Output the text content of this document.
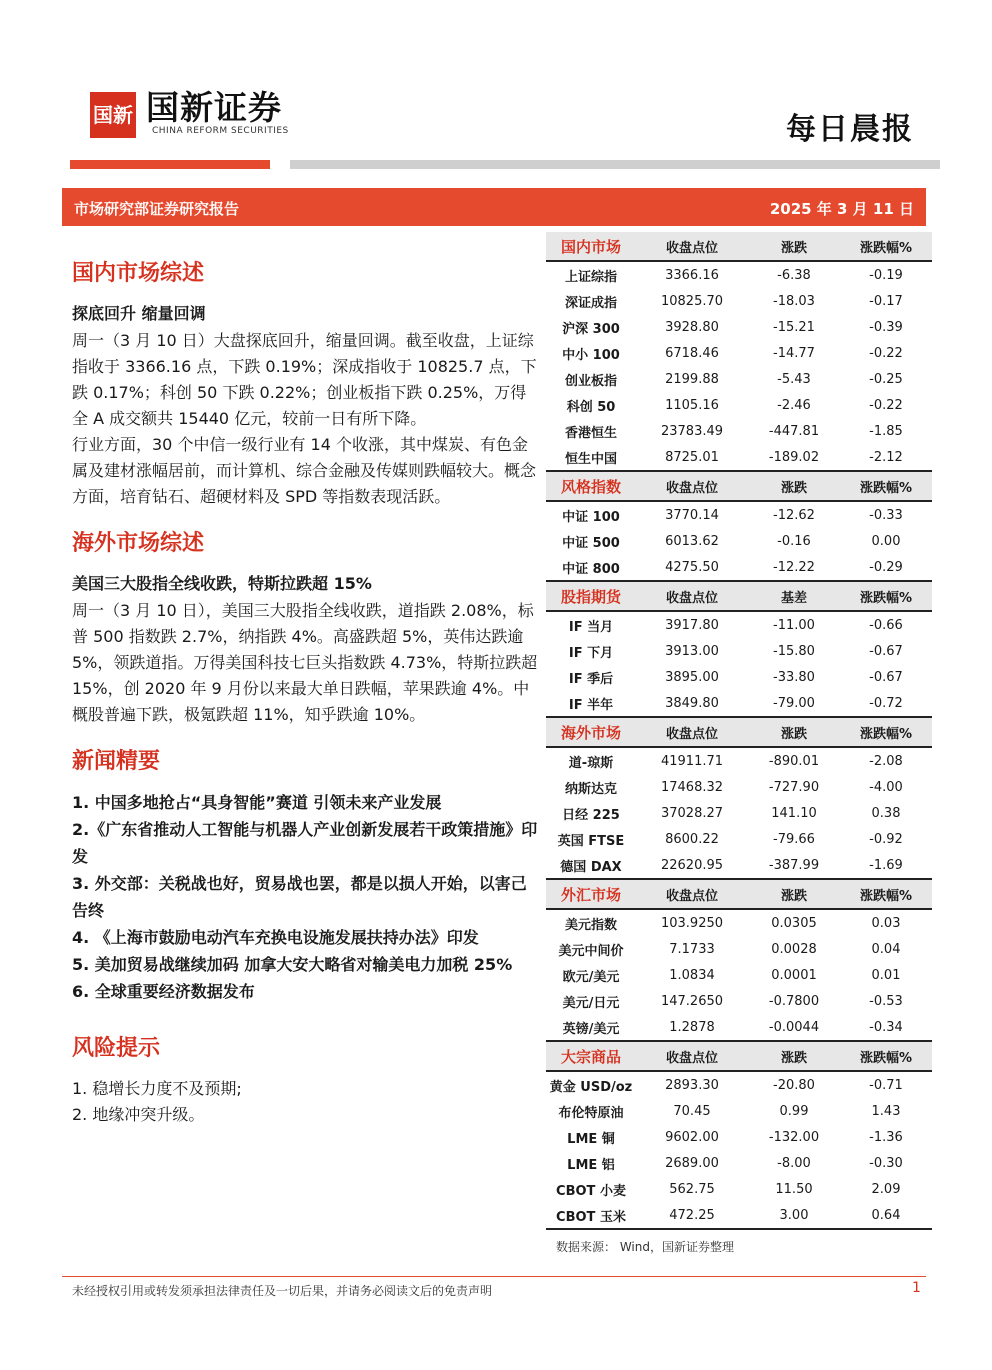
国新 国新证券
CHINA REFORM SECURITIES	每日晨报
市场研究部证券研究报告	2025 年 3 月 11 日
国内市场综述

探底回升 缩量回调

周一（3 月 10 日）大盘探底回升，缩量回调。截至收盘，上证综指收于 3366.16 点，下跌 0.19%；深成指收于 10825.7 点，下跌 0.17%；科创 50 下跌 0.22%；创业板指下跌 0.25%，万得全 A 成交额共 15440 亿元，较前一日有所下降。

行业方面，30 个中信一级行业有 14 个收涨，其中煤炭、有色金属及建材涨幅居前，而计算机、综合金融及传媒则跌幅较大。概念方面，培育钻石、超硬材料及 SPD 等指数表现活跃。

海外市场综述

美国三大股指全线收跌，特斯拉跌超 15%

周一（3 月 10 日），美国三大股指全线收跌，道指跌 2.08%，标普 500 指数跌 2.7%，纳指跌 4%。高盛跌超 5%，英伟达跌逾 5%，领跌道指。万得美国科技七巨头指数跌 4.73%，特斯拉跌超 15%，创 2020 年 9 月份以来最大单日跌幅，苹果跌逾 4%。中概股普遍下跌，极氪跌超 11%，知乎跌逾 10%。

新闻精要

1. 中国多地抢占“具身智能”赛道 引领未来产业发展

2.《广东省推动人工智能与机器人产业创新发展若干政策措施》印发

3. 外交部：关税战也好，贸易战也罢，都是以损人开始，以害己告终

4. 《上海市鼓励电动汽车充换电设施发展扶持办法》印发

5. 美加贸易战继续加码 加拿大安大略省对输美电力加税 25%

6. 全球重要经济数据发布

风险提示

1. 稳增长力度不及预期;

2. 地缘冲突升级。

国内市场	收盘点位	涨跌	涨跌幅%
上证综指	3366.16	-6.38	-0.19
深证成指	10825.70	-18.03	-0.17
沪深 300	3928.80	-15.21	-0.39
中小 100	6718.46	-14.77	-0.22
创业板指	2199.88	-5.43	-0.25
科创 50	1105.16	-2.46	-0.22
香港恒生	23783.49	-447.81	-1.85
恒生中国	8725.01	-189.02	-2.12
风格指数	收盘点位	涨跌	涨跌幅%
中证 100	3770.14	-12.62	-0.33
中证 500	6013.62	-0.16	0.00
中证 800	4275.50	-12.22	-0.29
股指期货	收盘点位	基差	涨跌幅%
IF 当月	3917.80	-11.00	-0.66
IF 下月	3913.00	-15.80	-0.67
IF 季后	3895.00	-33.80	-0.67
IF 半年	3849.80	-79.00	-0.72
海外市场	收盘点位	涨跌	涨跌幅%
道-琼斯	41911.71	-890.01	-2.08
纳斯达克	17468.32	-727.90	-4.00
日经 225	37028.27	141.10	0.38
英国 FTSE	8600.22	-79.66	-0.92
德国 DAX	22620.95	-387.99	-1.69
外汇市场	收盘点位	涨跌	涨跌幅%
美元指数	103.9250	0.0305	0.03
美元中间价	7.1733	0.0028	0.04
欧元/美元	1.0834	0.0001	0.01
美元/日元	147.2650	-0.7800	-0.53
英镑/美元	1.2878	-0.0044	-0.34
大宗商品	收盘点位	涨跌	涨跌幅%
黄金 USD/oz	2893.30	-20.80	-0.71
布伦特原油	70.45	0.99	1.43
LME 铜	9602.00	-132.00	-1.36
LME 铝	2689.00	-8.00	-0.30
CBOT 小麦	562.75	11.50	2.09
CBOT 玉米	472.25	3.00	0.64
数据来源： Wind，国新证券整理
未经授权引用或转发须承担法律责任及一切后果，并请务必阅读文后的免责声明	1
